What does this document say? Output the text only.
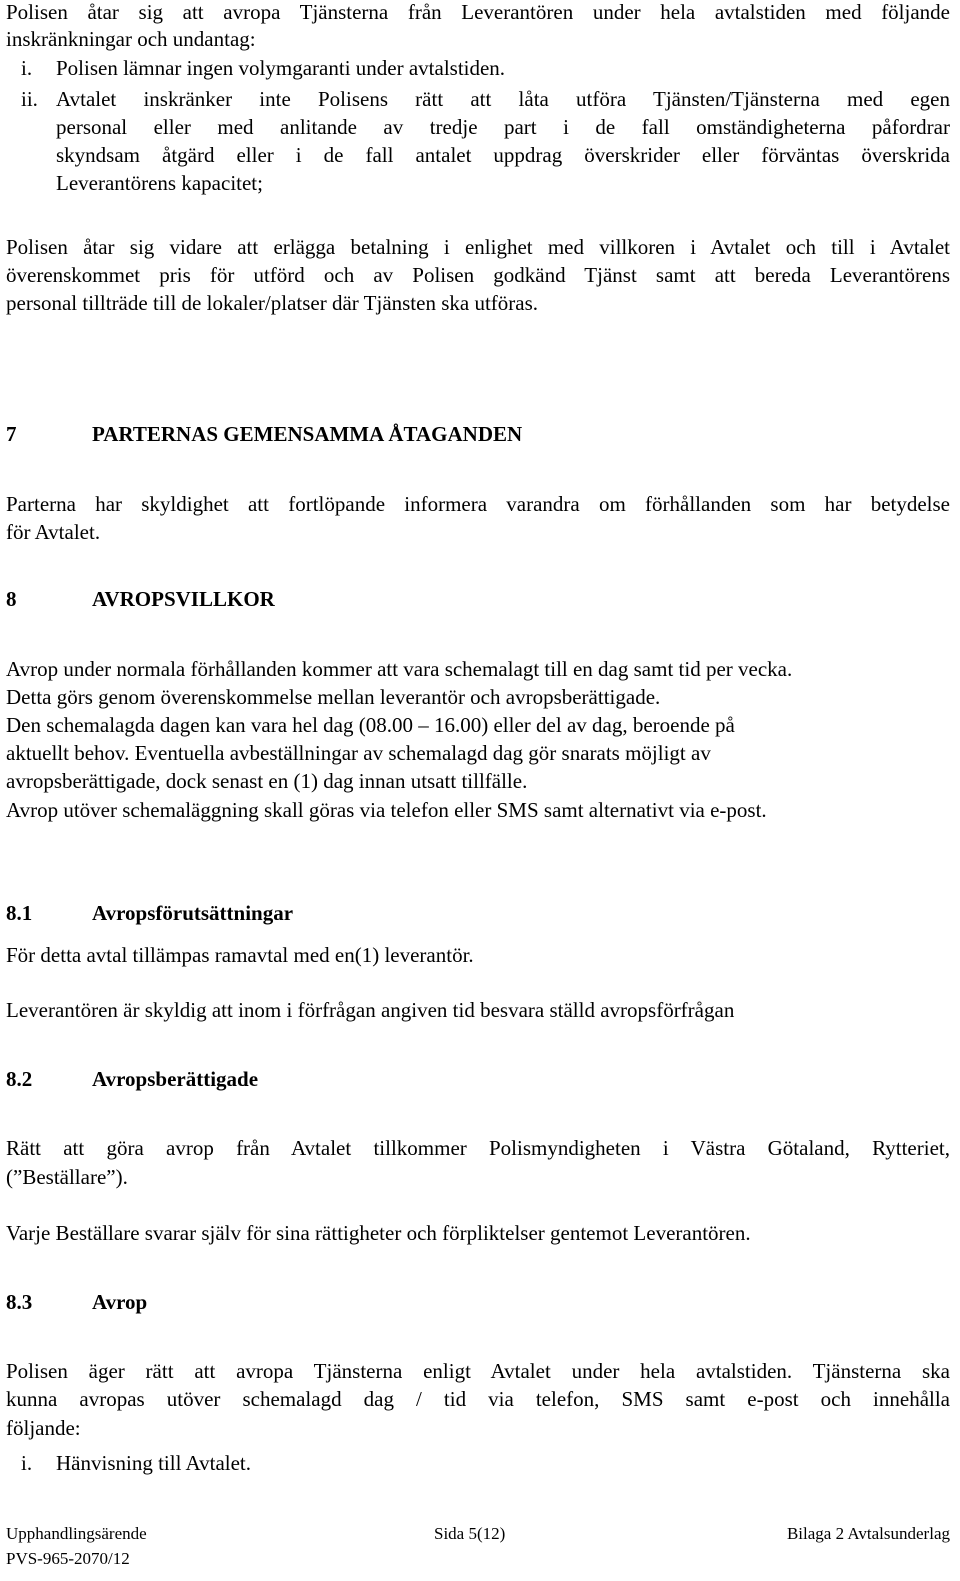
Polisen åtar sig att avropa Tjänsterna från Leverantören under hela avtalstiden med följande
inskränkningar och undantag:
i. Polisen lämnar ingen volymgaranti under avtalstiden.
ii. Avtalet inskränker inte Polisens rätt att låta utföra Tjänsten/Tjänsterna med egen
personal eller med anlitande av tredje part i de fall omständigheterna påfordrar
skyndsam åtgärd eller i de fall antalet uppdrag överskrider eller förväntas överskrida
Leverantörens kapacitet;
Polisen åtar sig vidare att erlägga betalning i enlighet med villkoren i Avtalet och till i Avtalet
överenskommet pris för utförd och av Polisen godkänd Tjänst samt att bereda Leverantörens
personal tillträde till de lokaler/platser där Tjänsten ska utföras.
7	PARTERNAS GEMENSAMMA ÅTAGANDEN
Parterna har skyldighet att fortlöpande informera varandra om förhållanden som har betydelse
för Avtalet.
8	AVROPSVILLKOR
Avrop under normala förhållanden kommer att vara schemalagt till en dag samt tid per vecka.
Detta görs genom överenskommelse mellan leverantör och avropsberättigade.
Den schemalagda dagen kan vara hel dag (08.00 – 16.00) eller del av dag, beroende på
aktuellt behov. Eventuella avbeställningar av schemalagd dag gör snarats möjligt av
avropsberättigade, dock senast en (1) dag innan utsatt tillfälle.
Avrop utöver schemaläggning skall göras via telefon eller SMS samt alternativt via e-post.
8.1	Avropsförutsättningar
För detta avtal tillämpas ramavtal med en(1) leverantör.
Leverantören är skyldig att inom i förfrågan angiven tid besvara ställd avropsförfrågan
8.2	Avropsberättigade
Rätt att göra avrop från Avtalet tillkommer Polismyndigheten i Västra Götaland, Rytteriet,
(”Beställare”).
Varje Beställare svarar själv för sina rättigheter och förpliktelser gentemot Leverantören.
8.3	Avrop
Polisen äger rätt att avropa Tjänsterna enligt Avtalet under hela avtalstiden. Tjänsterna ska
kunna avropas utöver schemalagd dag / tid via telefon, SMS samt e-post och innehålla
följande:
i. Hänvisning till Avtalet.
Upphandlingsärende
PVS-965-2070/12
Sida 5(12)	Bilaga 2 Avtalsunderlag
